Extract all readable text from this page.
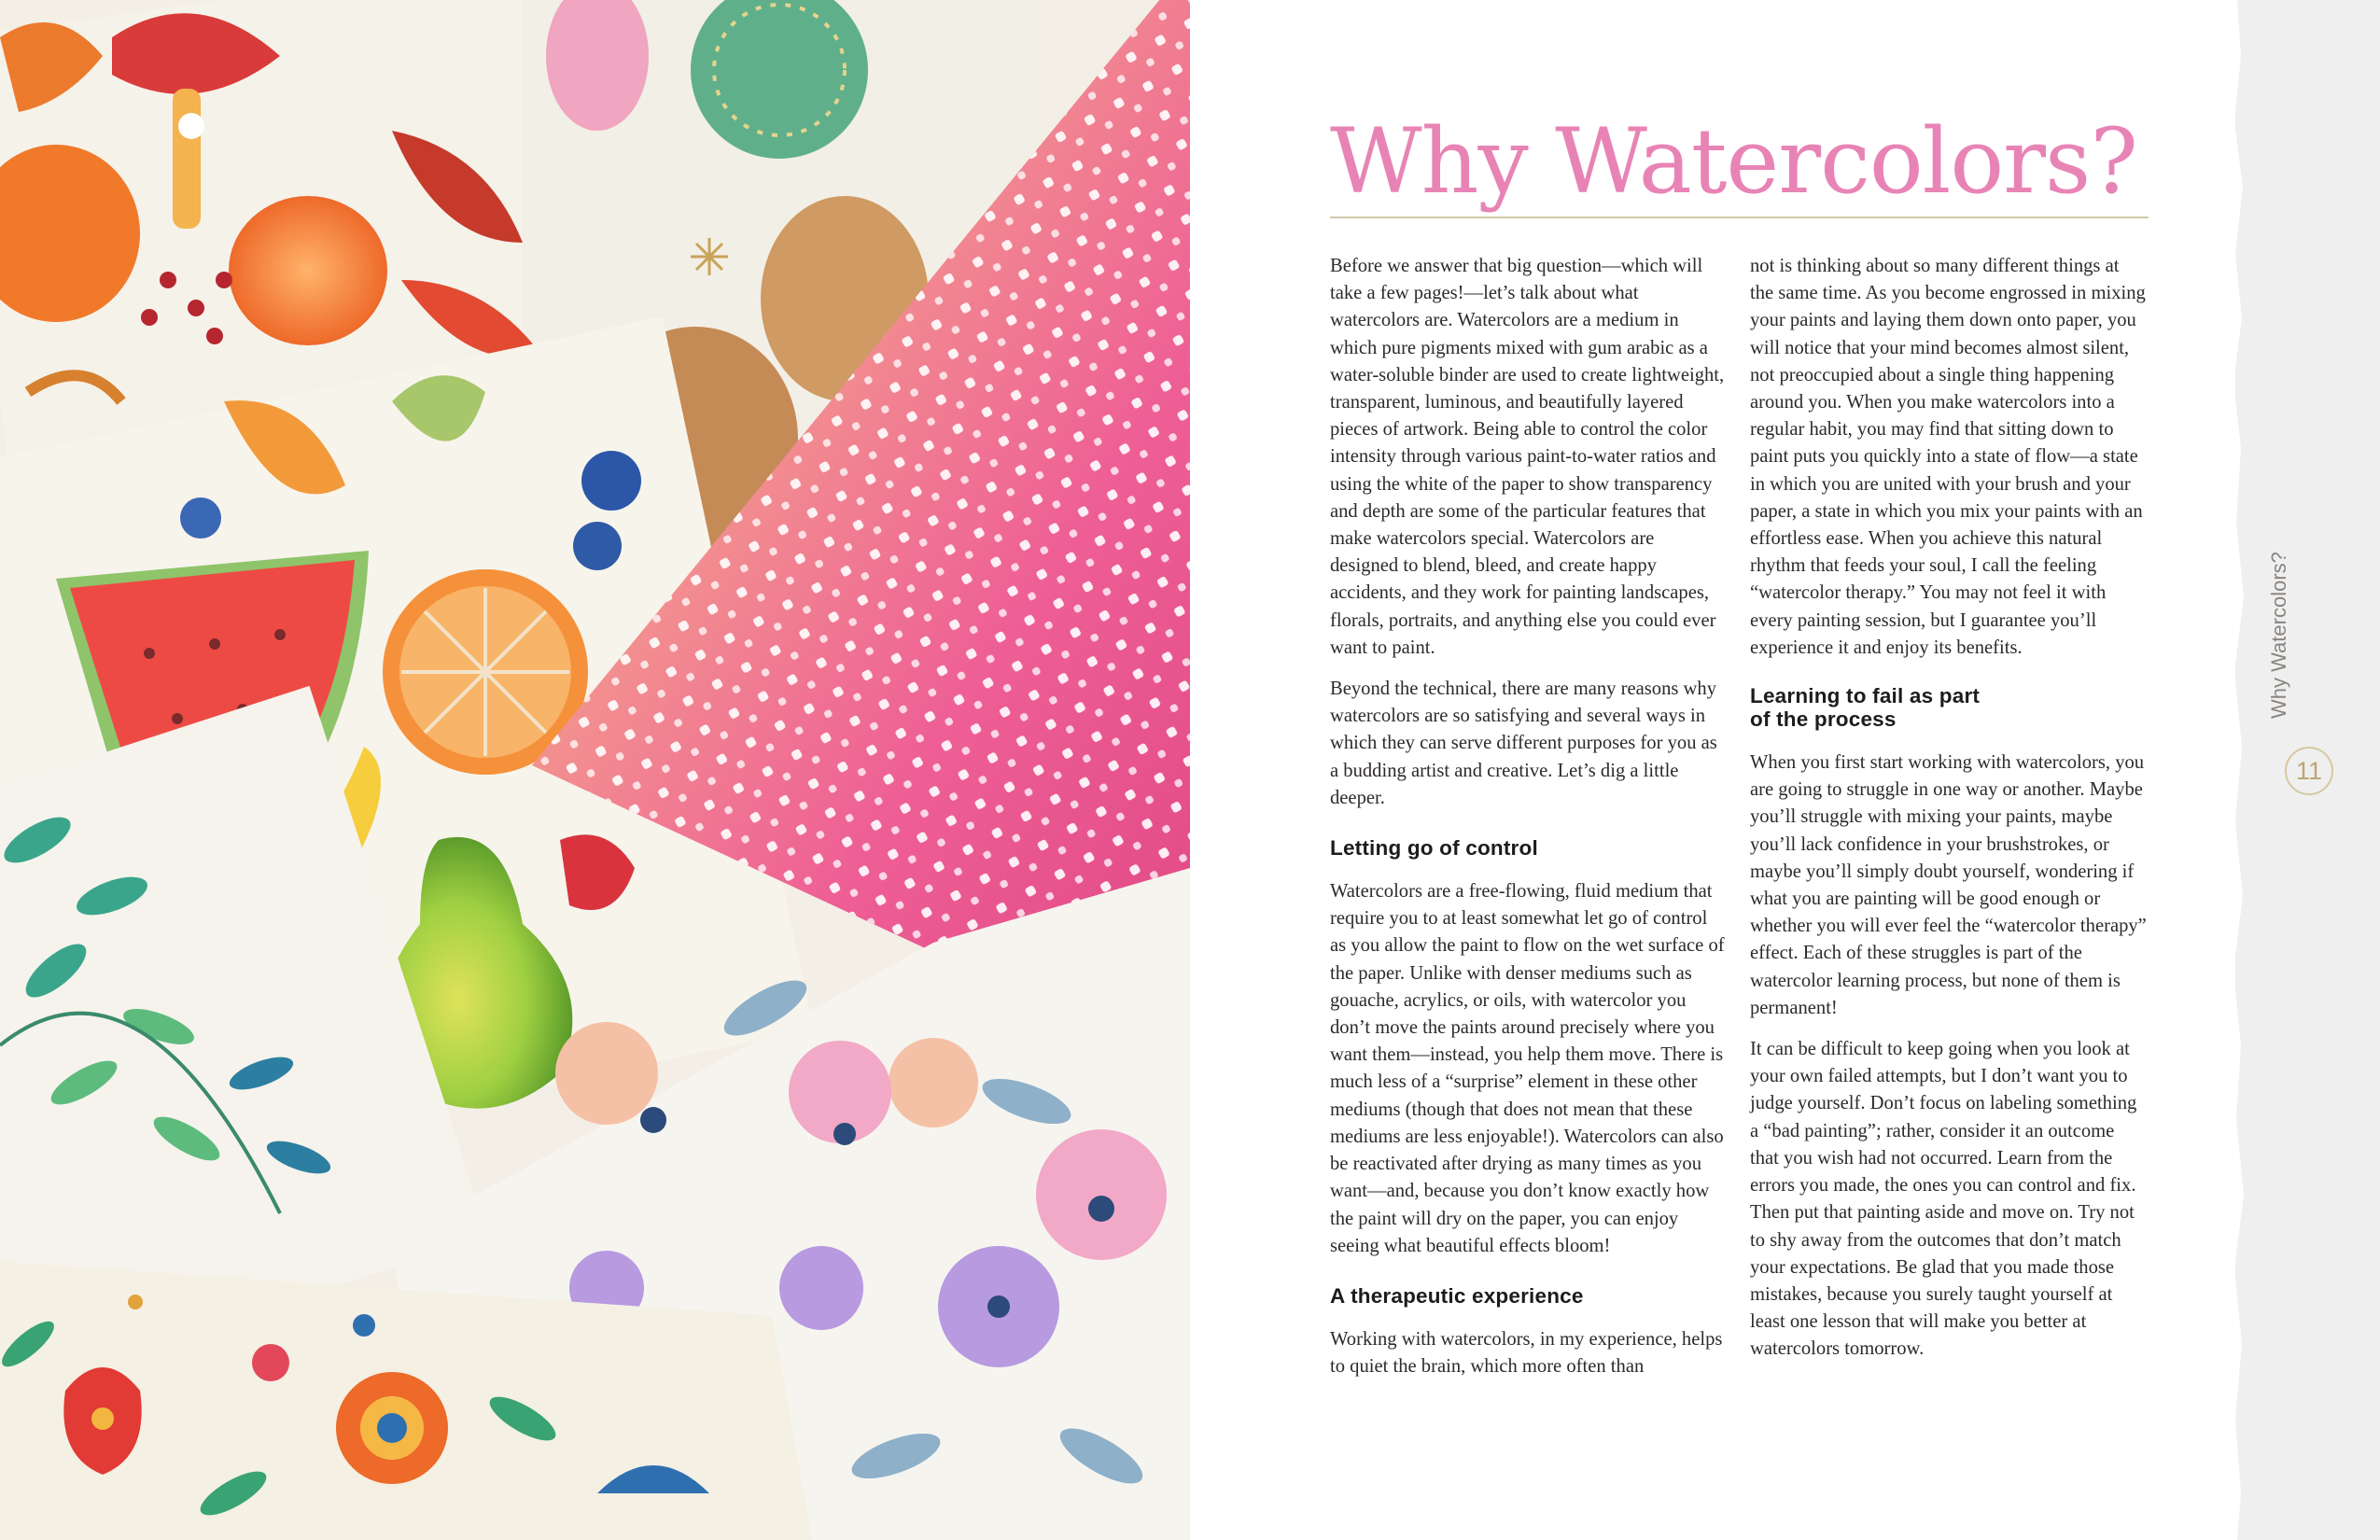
Why Watercolors?

Before we answer that big question—which will take a few pages!—let’s talk about what watercolors are. Watercolors are a medium in which pure pigments mixed with gum arabic as a water-soluble binder are used to create lightweight, transparent, luminous, and beautifully layered pieces of artwork. Being able to control the color intensity through various paint-to-water ratios and using the white of the paper to show transparency and depth are some of the particular features that make watercolors special. Watercolors are designed to blend, bleed, and create happy accidents, and they work for painting landscapes, florals, portraits, and anything else you could ever want to paint.

Beyond the technical, there are many reasons why watercolors are so satisfying and several ways in which they can serve different purposes for you as a budding artist and creative. Let’s dig a little deeper.

Letting go of control

Watercolors are a free-flowing, fluid medium that require you to at least somewhat let go of control as you allow the paint to flow on the wet surface of the paper. Unlike with denser mediums such as gouache, acrylics, or oils, with watercolor you don’t move the paints around precisely where you want them—instead, you help them move. There is much less of a “surprise” element in these other mediums (though that does not mean that these mediums are less enjoyable!). Watercolors can also be reactivated after drying as many times as you want—and, because you don’t know exactly how the paint will dry on the paper, you can enjoy seeing what beautiful effects bloom!

A therapeutic experience

Working with watercolors, in my experience, helps to quiet the brain, which more often than

not is thinking about so many different things at the same time. As you become engrossed in mixing your paints and laying them down onto paper, you will notice that your mind becomes almost silent, not preoccupied about a single thing happening around you. When you make watercolors into a regular habit, you may find that sitting down to paint puts you quickly into a state of flow—a state in which you are united with your brush and your paper, a state in which you mix your paints with an effortless ease. When you achieve this natural rhythm that feeds your soul, I call the feeling “watercolor therapy.” You may not feel it with every painting session, but I guarantee you’ll experience it and enjoy its benefits.

Learning to fail as part of the process

When you first start working with watercolors, you are going to struggle in one way or another. Maybe you’ll struggle with mixing your paints, maybe you’ll lack confidence in your brushstrokes, or maybe you’ll simply doubt yourself, wondering if what you are painting will be good enough or whether you will ever feel the “watercolor therapy” effect. Each of these struggles is part of the watercolor learning process, but none of them is permanent!

It can be difficult to keep going when you look at your own failed attempts, but I don’t want you to judge yourself. Don’t focus on labeling something a “bad painting”; rather, consider it an outcome that you wish had not occurred. Learn from the errors you made, the ones you can control and fix. Then put that painting aside and move on. Try not to shy away from the outcomes that don’t match your expectations. Be glad that you made those mistakes, because you surely taught yourself at least one lesson that will make you better at watercolors tomorrow.

Why Watercolors?
11
